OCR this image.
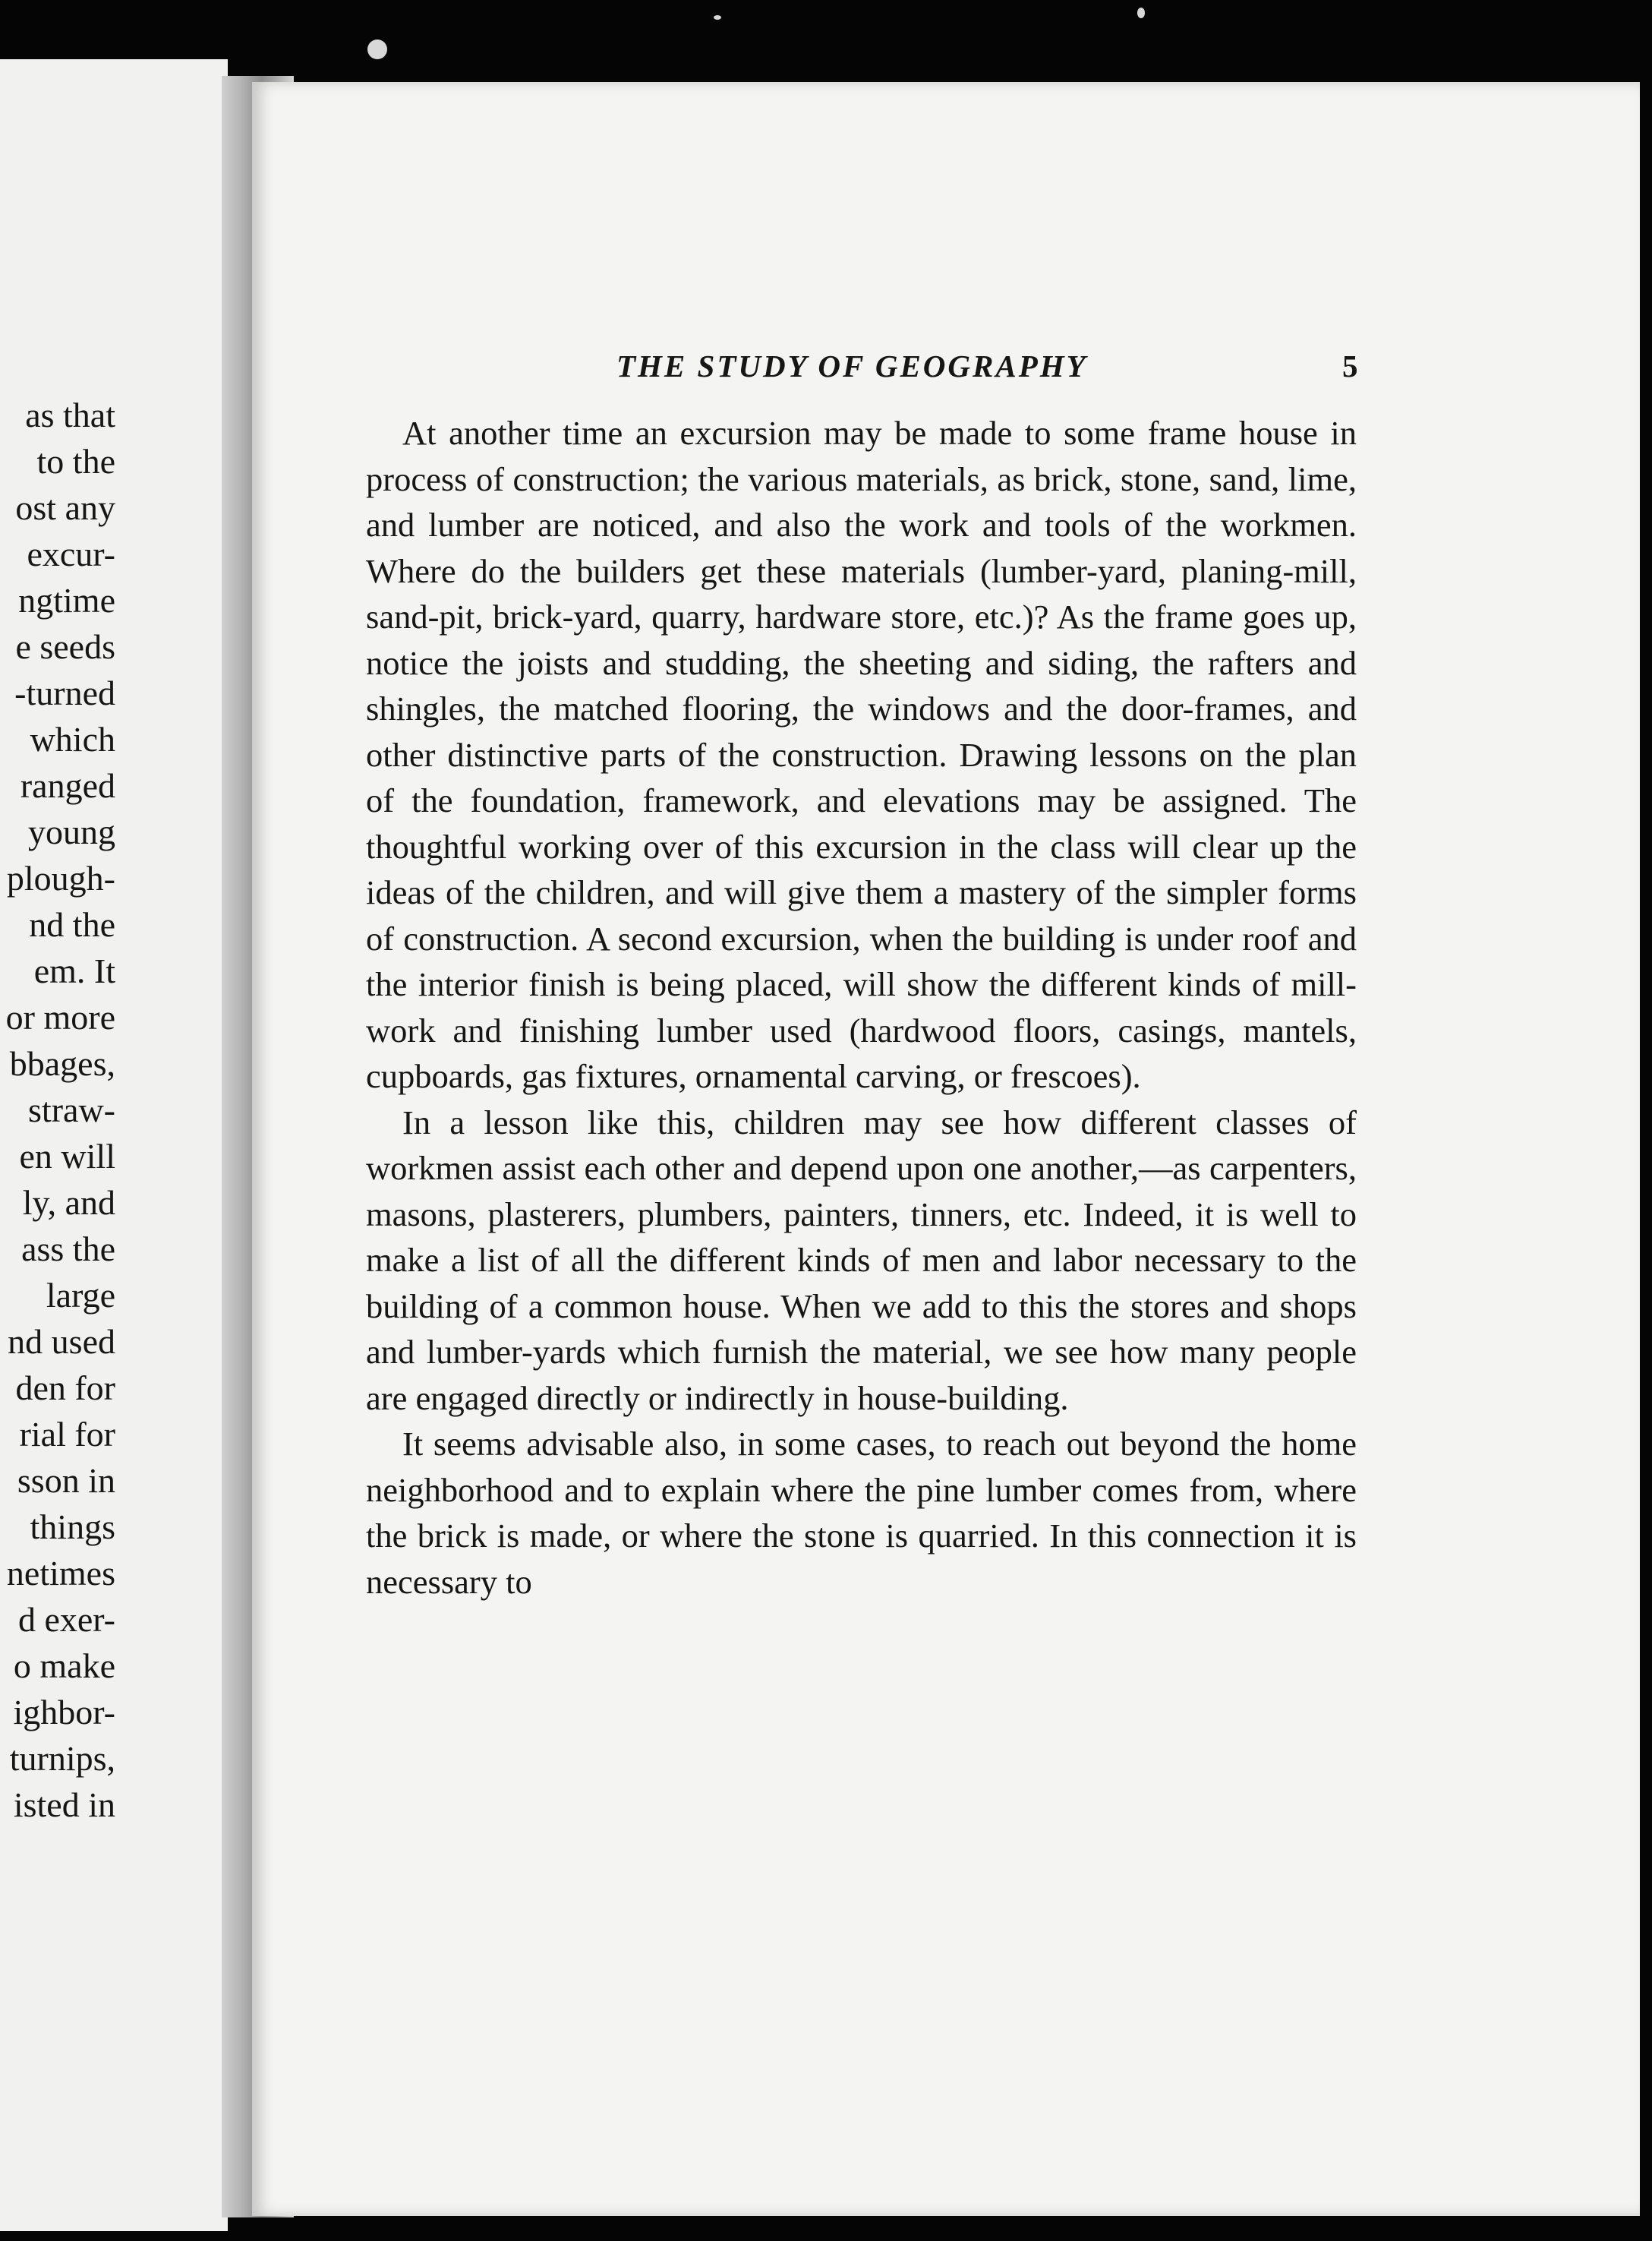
as that
to the
ost any
excur-
ngtime
e seeds
-turned
which
ranged
young
plough-
nd the
em. It
or more
bbages,
straw-
en will
ly, and
ass the
large
nd used
den for
rial for
sson in
things
netimes
d exer-
o make
ighbor-
turnips,
isted in
THE STUDY OF GEOGRAPHY	5

At another time an excursion may be made to some frame house in process of construction; the various materials, as brick, stone, sand, lime, and lumber are noticed, and also the work and tools of the workmen. Where do the builders get these materials (lumber-yard, planing-mill, sand-pit, brick-yard, quarry, hardware store, etc.)? As the frame goes up, notice the joists and studding, the sheeting and siding, the rafters and shingles, the matched flooring, the windows and the door-frames, and other distinctive parts of the construction. Drawing lessons on the plan of the foundation, framework, and elevations may be assigned. The thoughtful working over of this excursion in the class will clear up the ideas of the children, and will give them a mastery of the simpler forms of construction. A second excursion, when the building is under roof and the interior finish is being placed, will show the different kinds of mill-work and finishing lumber used (hardwood floors, casings, mantels, cupboards, gas fixtures, ornamental carving, or frescoes).

In a lesson like this, children may see how different classes of workmen assist each other and depend upon one another,—as carpenters, masons, plasterers, plumbers, painters, tinners, etc. Indeed, it is well to make a list of all the different kinds of men and labor necessary to the building of a common house. When we add to this the stores and shops and lumber-yards which furnish the material, we see how many people are engaged directly or indirectly in house-building.

It seems advisable also, in some cases, to reach out beyond the home neighborhood and to explain where the pine lumber comes from, where the brick is made, or where the stone is quarried. In this connection it is necessary to
